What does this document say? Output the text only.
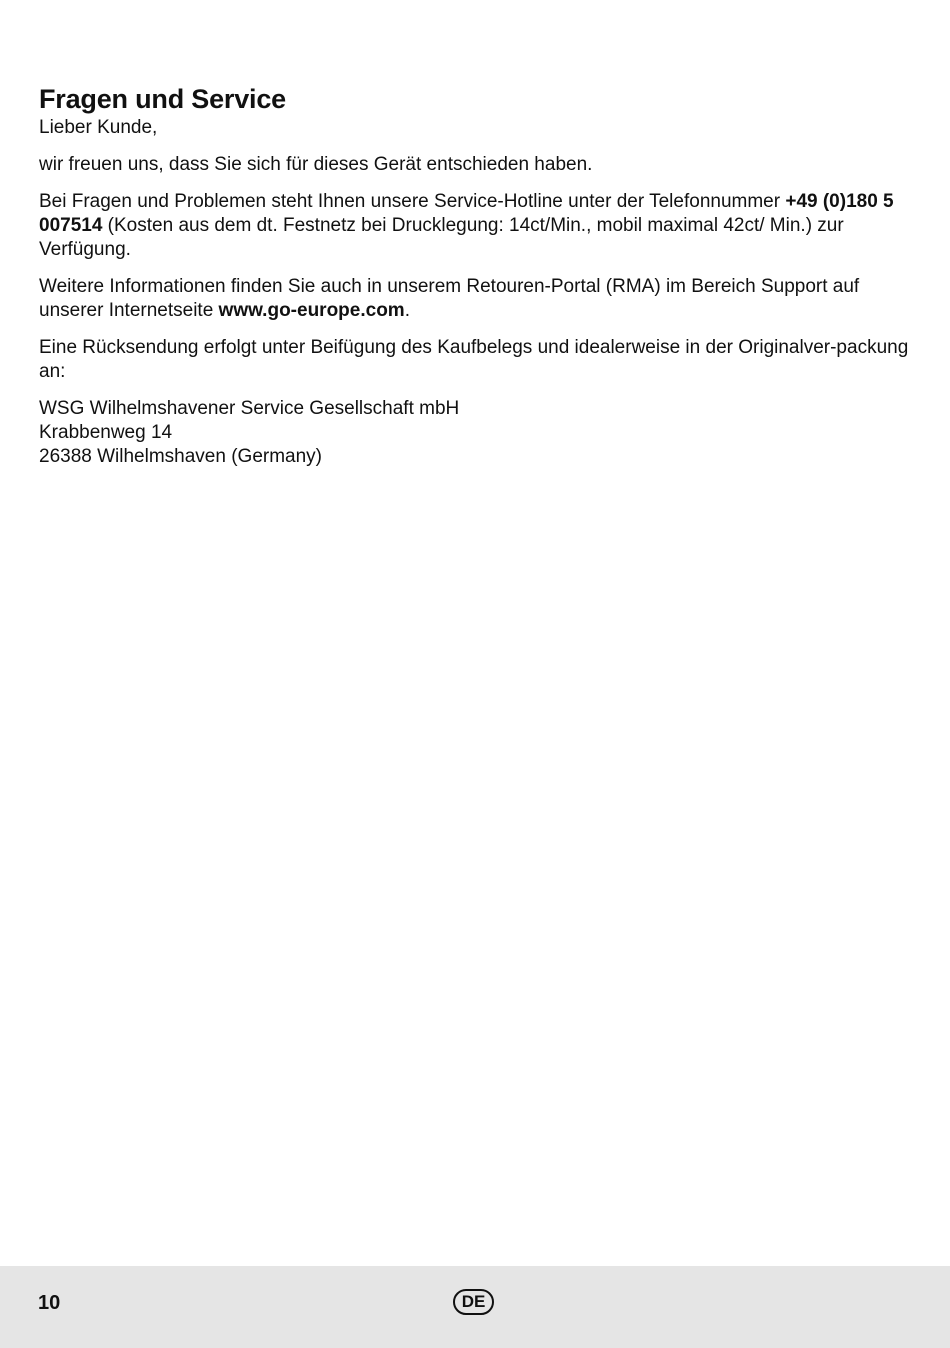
Fragen und Service

Lieber Kunde,

wir freuen uns, dass Sie sich für dieses Gerät entschieden haben.

Bei Fragen und Problemen steht Ihnen unsere Service-Hotline unter der Telefonnummer +49 (0)180 5 007514 (Kosten aus dem dt. Festnetz bei Drucklegung: 14ct/Min., mobil maximal 42ct/ Min.) zur Verfügung.

Weitere Informationen finden Sie auch in unserem Retouren-Portal (RMA) im Bereich Support auf unserer Internetseite www.go-europe.com.

Eine Rücksendung erfolgt unter Beifügung des Kaufbelegs und idealerweise in der Originalver-packung an:

WSG Wilhelmshavener Service Gesellschaft mbH
Krabbenweg 14
26388 Wilhelmshaven (Germany)

10	DE
